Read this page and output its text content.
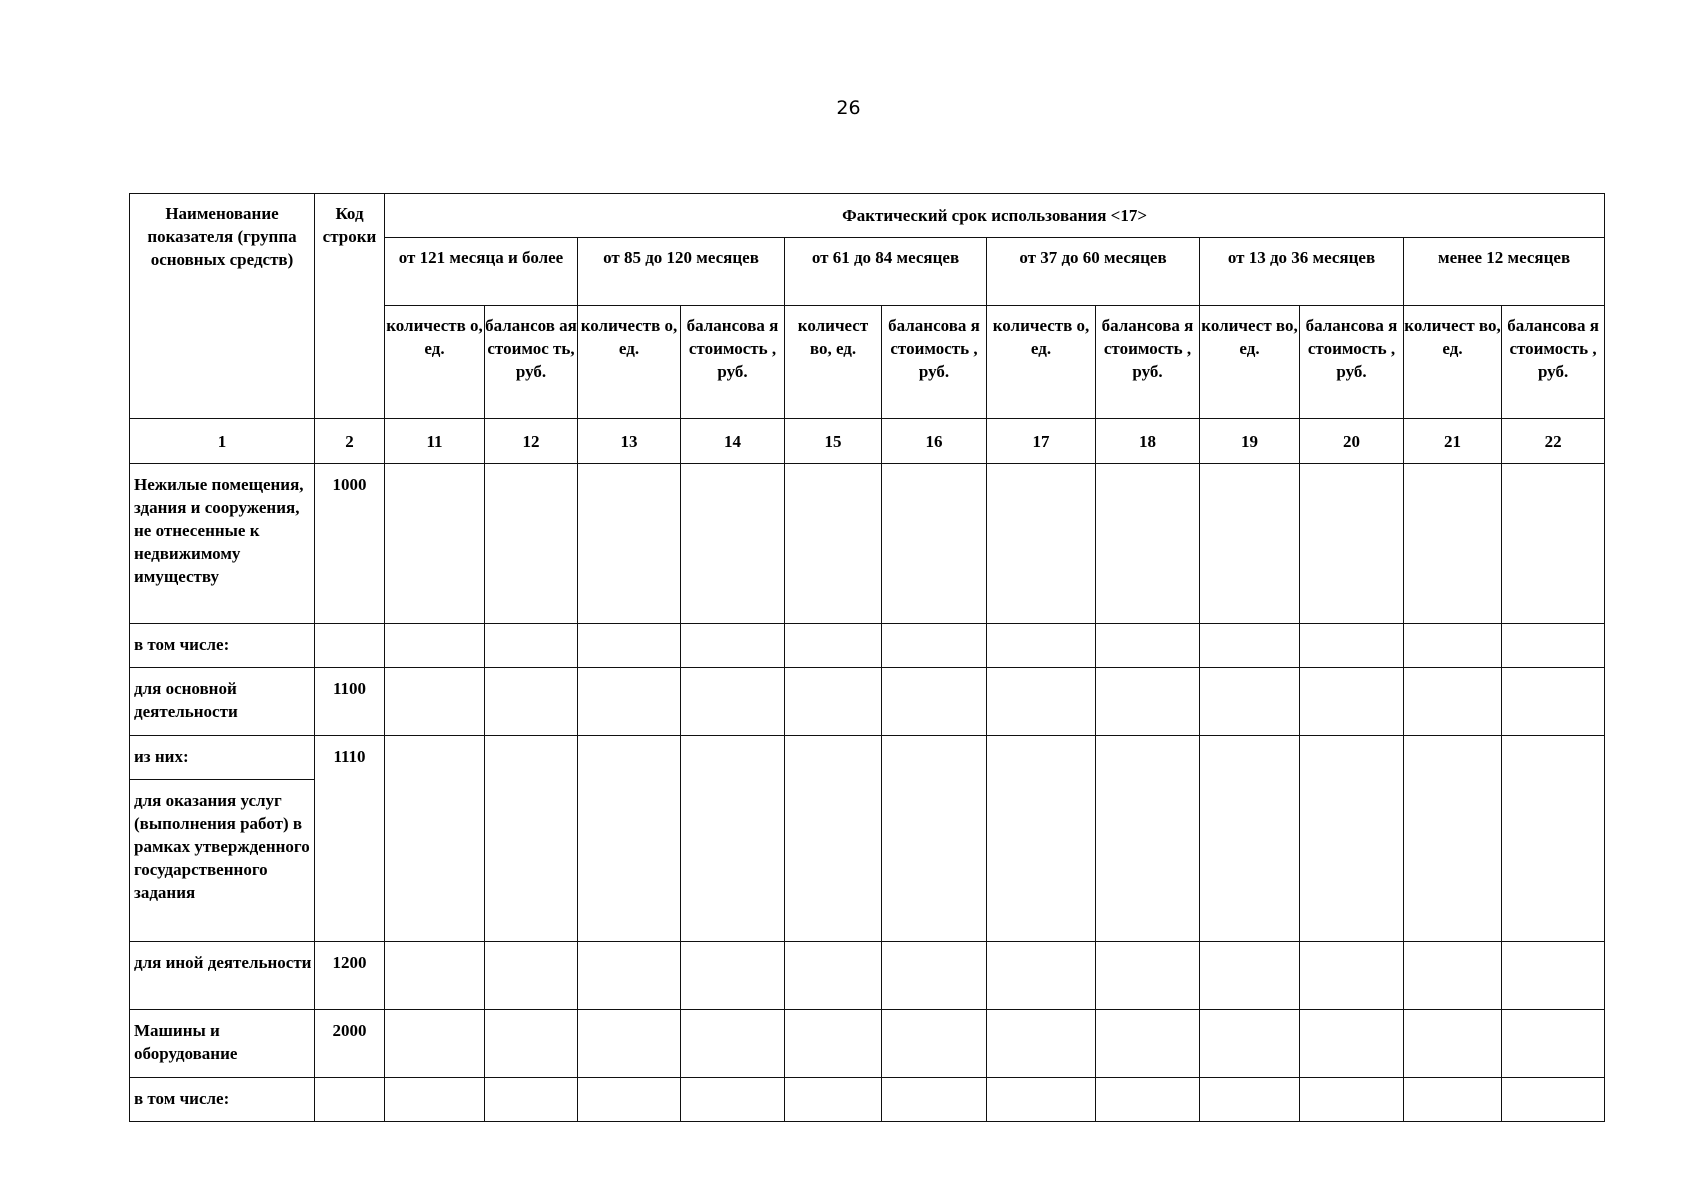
26
Наименование показателя (группа основных средств)	Код строки	Фактический срок использования <17>											
		от 121 месяца и более		от 85 до 120 месяцев		от 61 до 84 месяцев		от 37 до 60 месяцев		от 13 до 36 месяцев		менее 12 месяцев	
		количеств о, ед.	балансов ая стоимос ть, руб.	количеств о, ед.	балансова я стоимость , руб.	количест во, ед.	балансова я стоимость , руб.	количеств о, ед.	балансова я стоимость , руб.	количест во, ед.	балансова я стоимость , руб.	количест во, ед.	балансова я стоимость , руб.
1	2	11	12	13	14	15	16	17	18	19	20	21	22
Нежилые помещения, здания и сооружения, не отнесенные к недвижимому имуществу	1000												
в том числе:													
для основной деятельности	1100												
из них:	1110												
для оказания услуг (выполнения работ) в рамках утвержденного государственного задания													
для иной деятельности	1200												
Машины и оборудование	2000												
в том числе:													
